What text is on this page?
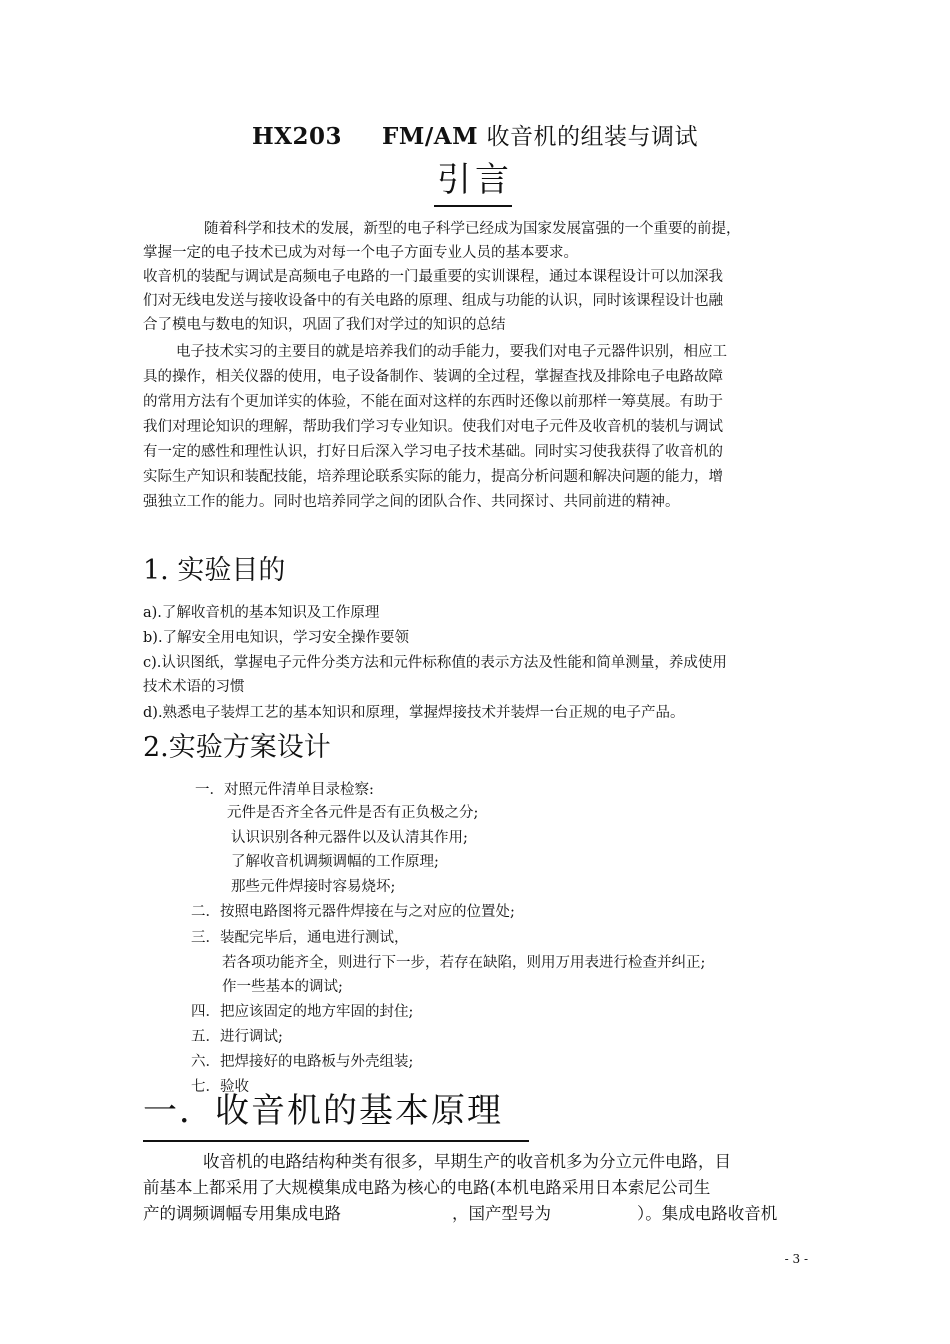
HX203 FM/AM 收音机的组装与调试
引言
随着科学和技术的发展，新型的电子科学已经成为国家发展富强的一个重要的前提，
掌握一定的电子技术已成为对每一个电子方面专业人员的基本要求。
收音机的装配与调试是高频电子电路的一门最重要的实训课程，通过本课程设计可以加深我
们对无线电发送与接收设备中的有关电路的原理、组成与功能的认识，同时该课程设计也融
合了模电与数电的知识，巩固了我们对学过的知识的总结
电子技术实习的主要目的就是培养我们的动手能力，要我们对电子元器件识别，相应工
具的操作，相关仪器的使用，电子设备制作、装调的全过程，掌握查找及排除电子电路故障
的常用方法有个更加详实的体验，不能在面对这样的东西时还像以前那样一筹莫展。有助于
我们对理论知识的理解，帮助我们学习专业知识。使我们对电子元件及收音机的装机与调试
有一定的感性和理性认识，打好日后深入学习电子技术基础。同时实习使我获得了收音机的
实际生产知识和装配技能，培养理论联系实际的能力，提高分析问题和解决问题的能力，增
强独立工作的能力。同时也培养同学之间的团队合作、共同探讨、共同前进的精神。
1. 实验目的
a).了解收音机的基本知识及工作原理
b).了解安全用电知识，学习安全操作要领
c).认识图纸，掌握电子元件分类方法和元件标称值的表示方法及性能和简单测量，养成使用
技术术语的习惯
d).熟悉电子装焊工艺的基本知识和原理，掌握焊接技术并装焊一台正规的电子产品。
2.实验方案设计
一．对照元件清单目录检察:
元件是否齐全各元件是否有正负极之分;
认识识别各种元器件以及认清其作用;
了解收音机调频调幅的工作原理;
那些元件焊接时容易烧坏;
二．按照电路图将元器件焊接在与之对应的位置处;
三．装配完毕后，通电进行测试，
若各项功能齐全，则进行下一步，若存在缺陷，则用万用表进行检查并纠正;
作一些基本的调试;
四．把应该固定的地方牢固的封住;
五．进行调试;
六．把焊接好的电路板与外壳组装;
七．验收
一．收音机的基本原理
收音机的电路结构种类有很多，早期生产的收音机多为分立元件电路，目
前基本上都采用了大规模集成电路为核心的电路(本机电路采用日本索尼公司生
产的调频调幅专用集成电路	，国产型号为	）。集成电路收音机
- 3 -
